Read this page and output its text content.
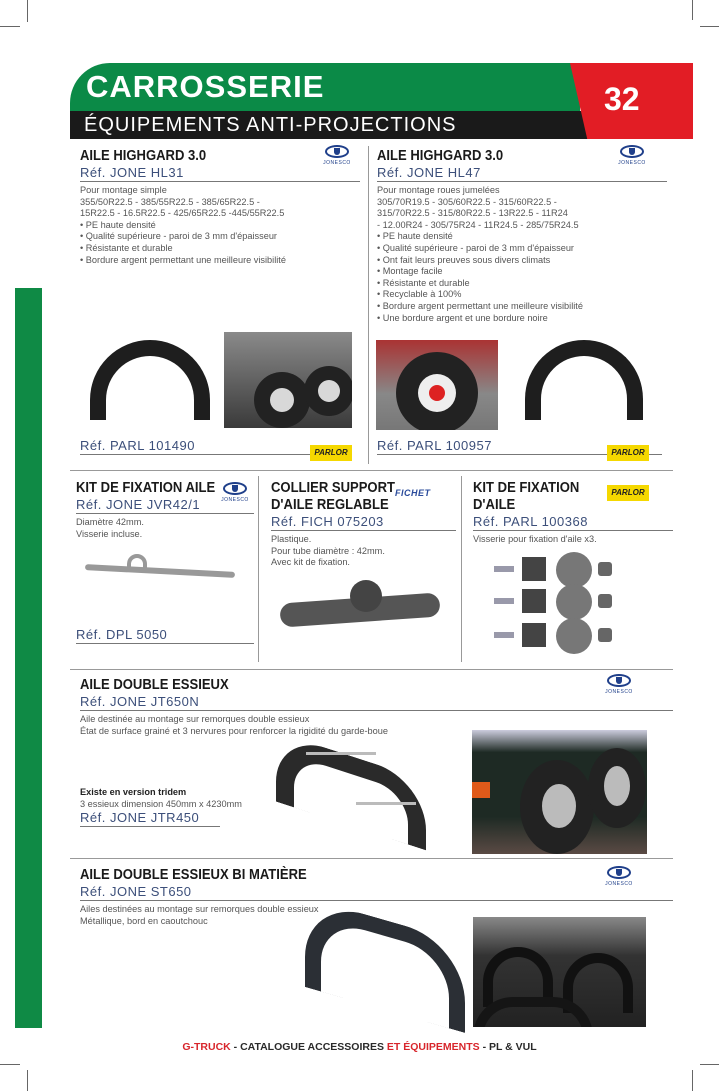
CARROSSERIE
ÉQUIPEMENTS ANTI-PROJECTIONS
32
AILE HIGHGARD 3.0
Réf. JONE HL31
Pour montage simple
355/50R22.5 - 385/55R22.5 - 385/65R22.5 -
15R22.5 - 16.5R22.5 - 425/65R22.5 -445/55R22.5
• PE haute densité
• Qualité supérieure - paroi de 3 mm d'épaisseur
• Résistante et durable
• Bordure argent permettant une meilleure visibilité
JONESCO
Réf. PARL 101490	PARLOR
AILE HIGHGARD 3.0
Réf. JONE HL47
Pour montage roues jumelées
305/70R19.5 - 305/60R22.5 - 315/60R22.5 -
315/70R22.5 - 315/80R22.5 - 13R22.5 - 11R24
- 12.00R24 - 305/75R24 - 11R24.5 - 285/75R24.5
• PE haute densité
• Qualité supérieure - paroi de 3 mm d'épaisseur
• Ont fait leurs preuves sous divers climats
• Montage facile
• Résistante et durable
• Recyclable à 100%
• Bordure argent permettant une meilleure visibilité
• Une bordure argent et une bordure noire
JONESCO
Réf. PARL 100957	PARLOR
KIT DE FIXATION AILE
Réf. JONE JVR42/1
Diamètre 42mm.
Visserie incluse.
JONESCO
Réf. DPL 5050
COLLIER SUPPORT
D'AILE REGLABLE
Réf. FICH 075203
Plastique.
Pour tube diamètre : 42mm.
Avec kit de fixation.
FICHET	KIT DE FIXATION
D'AILE
Réf. PARL 100368
Visserie pour fixation d'aile x3.
PARLOR
AILE DOUBLE ESSIEUX
Réf. JONE JT650N
Aile destinée au montage sur remorques double essieux
État de surface grainé et 3 nervures pour renforcer la rigidité du garde-boue
JONESCO
Existe en version tridem
3 essieux dimension 450mm x 4230mm
Réf. JONE JTR450
AILE DOUBLE ESSIEUX BI MATIÈRE
Réf. JONE ST650
Ailes destinées au montage sur remorques double essieux
Métallique, bord en caoutchouc
JONESCO
G-TRUCK - CATALOGUE ACCESSOIRES ET ÉQUIPEMENTS - PL & VUL
